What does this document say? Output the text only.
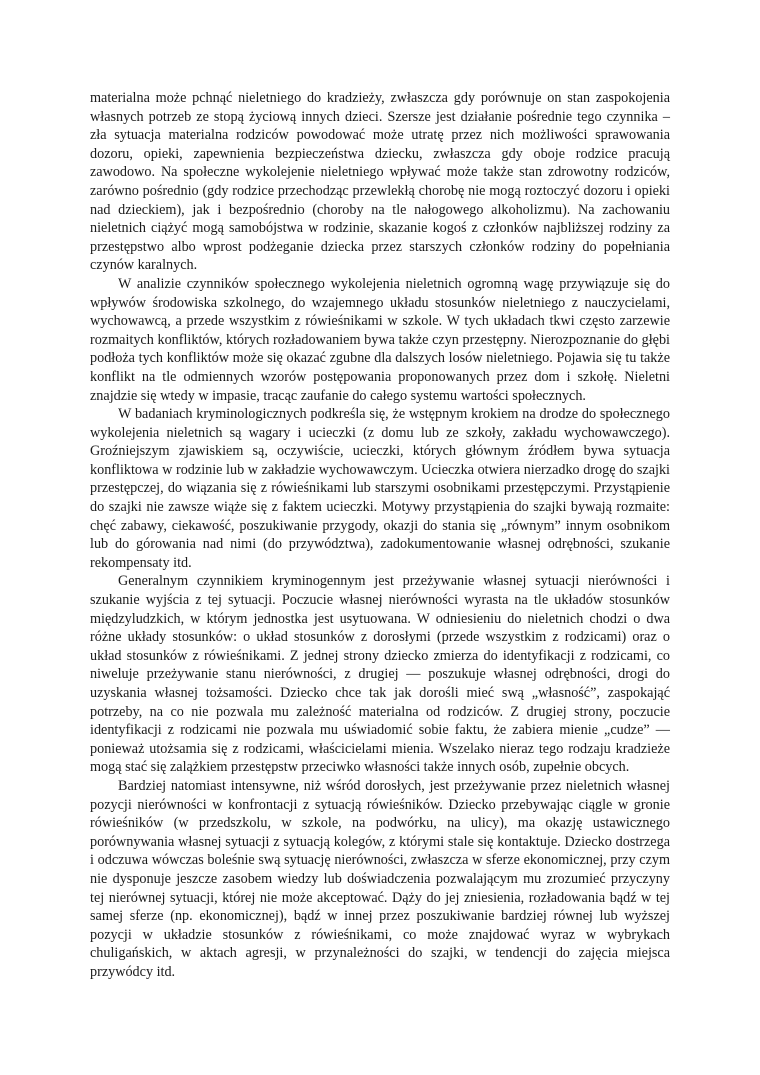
materialna może pchnąć nieletniego do kradzieży, zwłaszcza gdy porównuje on stan zaspokojenia własnych potrzeb ze stopą życiową innych dzieci. Szersze jest działanie pośrednie tego czynnika – zła sytuacja materialna rodziców powodować może utratę przez nich możliwości sprawowania dozoru, opieki, zapewnienia bezpieczeństwa dziecku, zwłaszcza gdy oboje rodzice pracują zawodowo. Na społeczne wykolejenie nieletniego wpływać może także stan zdrowotny rodziców, zarówno pośrednio (gdy rodzice przechodząc przewlekłą chorobę nie mogą roztoczyć dozoru i opieki nad dzieckiem), jak i bezpośrednio (choroby na tle nałogowego alkoholizmu). Na zachowaniu nieletnich ciążyć mogą samobójstwa w rodzinie, skazanie kogoś z członków najbliższej rodziny za przestępstwo albo wprost podżeganie dziecka przez starszych członków rodziny do popełniania czynów karalnych.

W analizie czynników społecznego wykolejenia nieletnich ogromną wagę przywiązuje się do wpływów środowiska szkolnego, do wzajemnego układu stosunków nieletniego z nauczycielami, wychowawcą, a przede wszystkim z rówieśnikami w szkole. W tych układach tkwi często zarzewie rozmaitych konfliktów, których rozładowaniem bywa także czyn przestępny. Nierozpoznanie do głębi podłoża tych konfliktów może się okazać zgubne dla dalszych losów nieletniego. Pojawia się tu także konflikt na tle odmiennych wzorów postępowania proponowanych przez dom i szkołę. Nieletni znajdzie się wtedy w impasie, tracąc zaufanie do całego systemu wartości społecznych.

W badaniach kryminologicznych podkreśla się, że wstępnym krokiem na drodze do społecznego wykolejenia nieletnich są wagary i ucieczki (z domu lub ze szkoły, zakładu wychowawczego). Groźniejszym zjawiskiem są, oczywiście, ucieczki, których głównym źródłem bywa sytuacja konfliktowa w rodzinie lub w zakładzie wychowawczym. Ucieczka otwiera nierzadko drogę do szajki przestępczej, do wiązania się z rówieśnikami lub starszymi osobnikami przestępczymi. Przystąpienie do szajki nie zawsze wiąże się z faktem ucieczki. Motywy przystąpienia do szajki bywają rozmaite: chęć zabawy, ciekawość, poszukiwanie przygody, okazji do stania się „równym” innym osobnikom lub do górowania nad nimi (do przywództwa), zadokumentowanie własnej odrębności, szukanie rekompensaty itd.

Generalnym czynnikiem kryminogennym jest przeżywanie własnej sytuacji nierówności i szukanie wyjścia z tej sytuacji. Poczucie własnej nierówności wyrasta na tle układów stosunków międzyludzkich, w którym jednostka jest usytuowana. W odniesieniu do nieletnich chodzi o dwa różne układy stosunków: o układ stosunków z dorosłymi (przede wszystkim z rodzicami) oraz o układ stosunków z rówieśnikami. Z jednej strony dziecko zmierza do identyfikacji z rodzicami, co niweluje przeżywanie stanu nierówności, z drugiej — poszukuje własnej odrębności, drogi do uzyskania własnej tożsamości. Dziecko chce tak jak dorośli mieć swą „własność”, zaspokająć potrzeby, na co nie pozwala mu zależność materialna od rodziców. Z drugiej strony, poczucie identyfikacji z rodzicami nie pozwala mu uświadomić sobie faktu, że zabiera mienie „cudze” — ponieważ utożsamia się z rodzicami, właścicielami mienia. Wszelako nieraz tego rodzaju kradzieże mogą stać się zalążkiem przestępstw przeciwko własności także innych osób, zupełnie obcych.

Bardziej natomiast intensywne, niż wśród dorosłych, jest przeżywanie przez nieletnich własnej pozycji nierówności w konfrontacji z sytuacją rówieśników. Dziecko przebywając ciągle w gronie rówieśników (w przedszkolu, w szkole, na podwórku, na ulicy), ma okazję ustawicznego porównywania własnej sytuacji z sytuacją kolegów, z którymi stale się kontaktuje. Dziecko dostrzega i odczuwa wówczas boleśnie swą sytuację nierówności, zwłaszcza w sferze ekonomicznej, przy czym nie dysponuje jeszcze zasobem wiedzy lub doświadczenia pozwalającym mu zrozumieć przyczyny tej nierównej sytuacji, której nie może akceptować. Dąży do jej zniesienia, rozładowania bądź w tej samej sferze (np. ekonomicznej), bądź w innej przez poszukiwanie bardziej równej lub wyższej pozycji w układzie stosunków z rówieśnikami, co może znajdować wyraz w wybrykach chuligańskich, w aktach agresji, w przynależności do szajki, w tendencji do zajęcia miejsca przywódcy itd.
